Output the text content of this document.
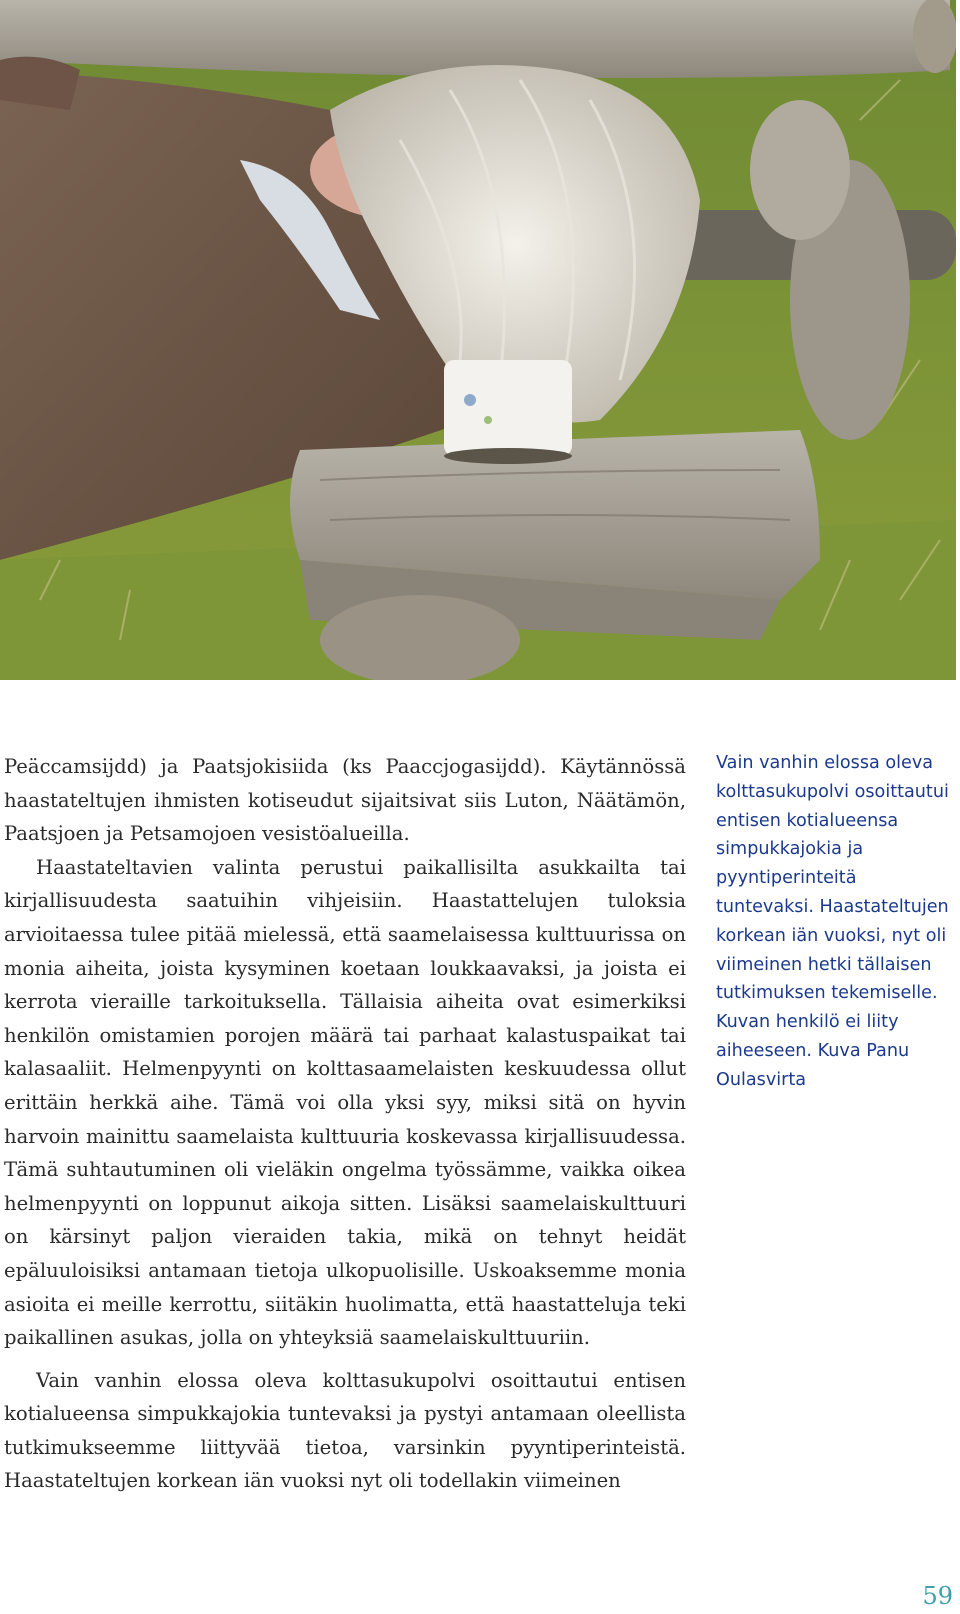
Peäccamsijdd) ja Paatsjokisiida (ks Paaccjogasijdd). Käytännössä haastateltujen ihmisten kotiseudut sijaitsivat siis Luton, Näätämön, Paatsjoen ja Petsamojoen vesistöalueilla.

Haastateltavien valinta perustui paikallisilta asukkailta tai kirjallisuudesta saatuihin vihjeisiin. Haastattelujen tuloksia arvioitaessa tulee pitää mielessä, että saamelaisessa kulttuurissa on monia aiheita, joista kysyminen koetaan loukkaavaksi, ja joista ei kerrota vieraille tarkoituksella. Tällaisia aiheita ovat esimerkiksi henkilön omistamien porojen määrä tai parhaat kalastuspaikat tai kalasaaliit. Helmenpyynti on kolttasaamelaisten keskuudessa ollut erittäin herkkä aihe. Tämä voi olla yksi syy, miksi sitä on hyvin harvoin mainittu saamelaista kulttuuria koskevassa kirjallisuudessa. Tämä suhtautuminen oli vieläkin ongelma työssämme, vaikka oikea helmenpyynti on loppunut aikoja sitten. Lisäksi saamelaiskulttuuri on kärsinyt paljon vieraiden takia, mikä on tehnyt heidät epäluuloisiksi antamaan tietoja ulkopuolisille. Uskoaksemme monia asioita ei meille kerrottu, siitäkin huolimatta, että haastatteluja teki paikallinen asukas, jolla on yhteyksiä saamelaiskulttuuriin.

Vain vanhin elossa oleva kolttasukupolvi osoittautui entisen kotialueensa simpukkajokia tuntevaksi ja pystyi antamaan oleellista tutkimukseemme liittyvää tietoa, varsinkin pyyntiperinteistä. Haastateltujen korkean iän vuoksi nyt oli todellakin viimeinen

Vain vanhin elossa oleva kolttasukupolvi osoittautui entisen kotialueensa simpukkajokia ja pyyntiperinteitä tuntevaksi. Haastateltujen korkean iän vuoksi, nyt oli viimeinen hetki tällaisen tutkimuksen tekemiselle. Kuvan henkilö ei liity aiheeseen. Kuva Panu Oulasvirta

59
